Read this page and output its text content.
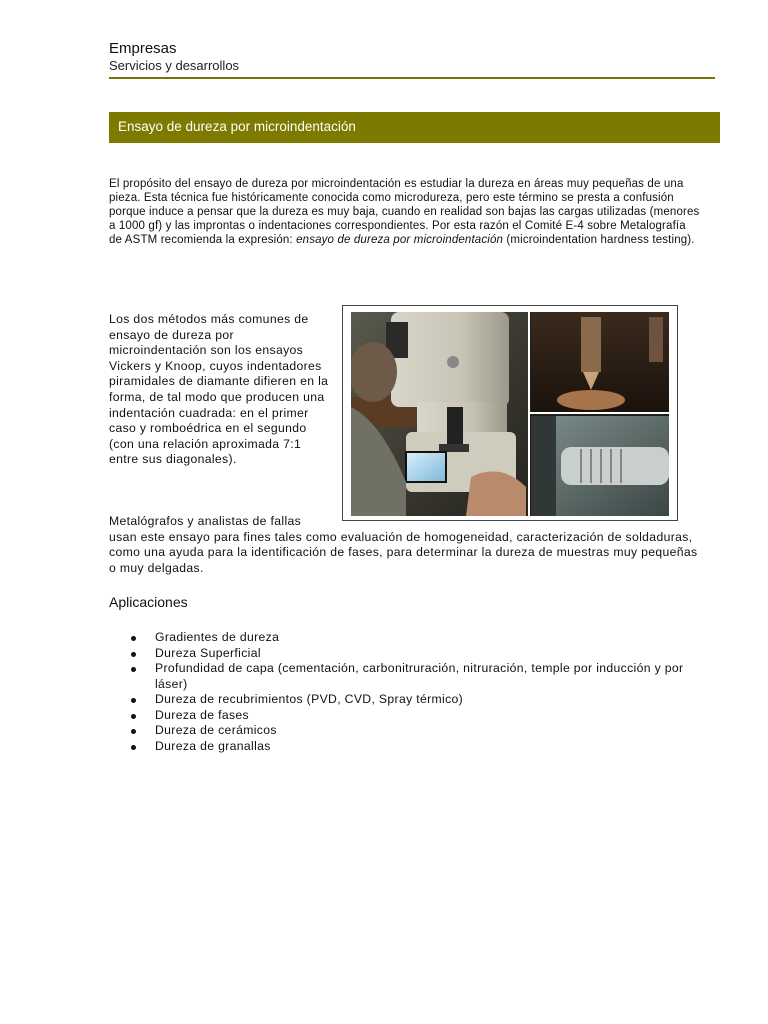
Empresas
Servicios y desarrollos
Ensayo de dureza por microindentación

El propósito del ensayo de dureza por microindentación es estudiar la dureza en áreas muy pequeñas de una pieza. Esta técnica fue históricamente conocida como microdureza, pero este término se presta a confusión porque induce a pensar que la dureza es muy baja, cuando en realidad son bajas las cargas utilizadas (menores a 1000 gf) y las improntas o indentaciones correspondientes. Por esta razón el Comité E-4 sobre Metalografía de ASTM recomienda la expresión: ensayo de dureza por microindentación (microindentation hardness testing).

Los dos métodos más comunes de ensayo de dureza por microindentación son los ensayos Vickers y Knoop, cuyos indentadores piramidales de diamante difieren en la forma, de tal modo que producen una indentación cuadrada: en el primer caso y romboédrica en el segundo (con una relación aproximada 7:1 entre sus diagonales).

Metalógrafos y analistas de fallas
usan este ensayo para fines tales como evaluación de homogeneidad, caracterización de soldaduras, como una ayuda para la identificación de fases, para determinar la dureza de muestras muy pequeñas o muy delgadas.

Aplicaciones
Gradientes de dureza
Dureza Superficial
Profundidad de capa (cementación, carbonitruración, nitruración, temple por inducción y por láser)
Dureza de recubrimientos (PVD, CVD, Spray térmico)
Dureza de fases
Dureza de cerámicos
Dureza de granallas
